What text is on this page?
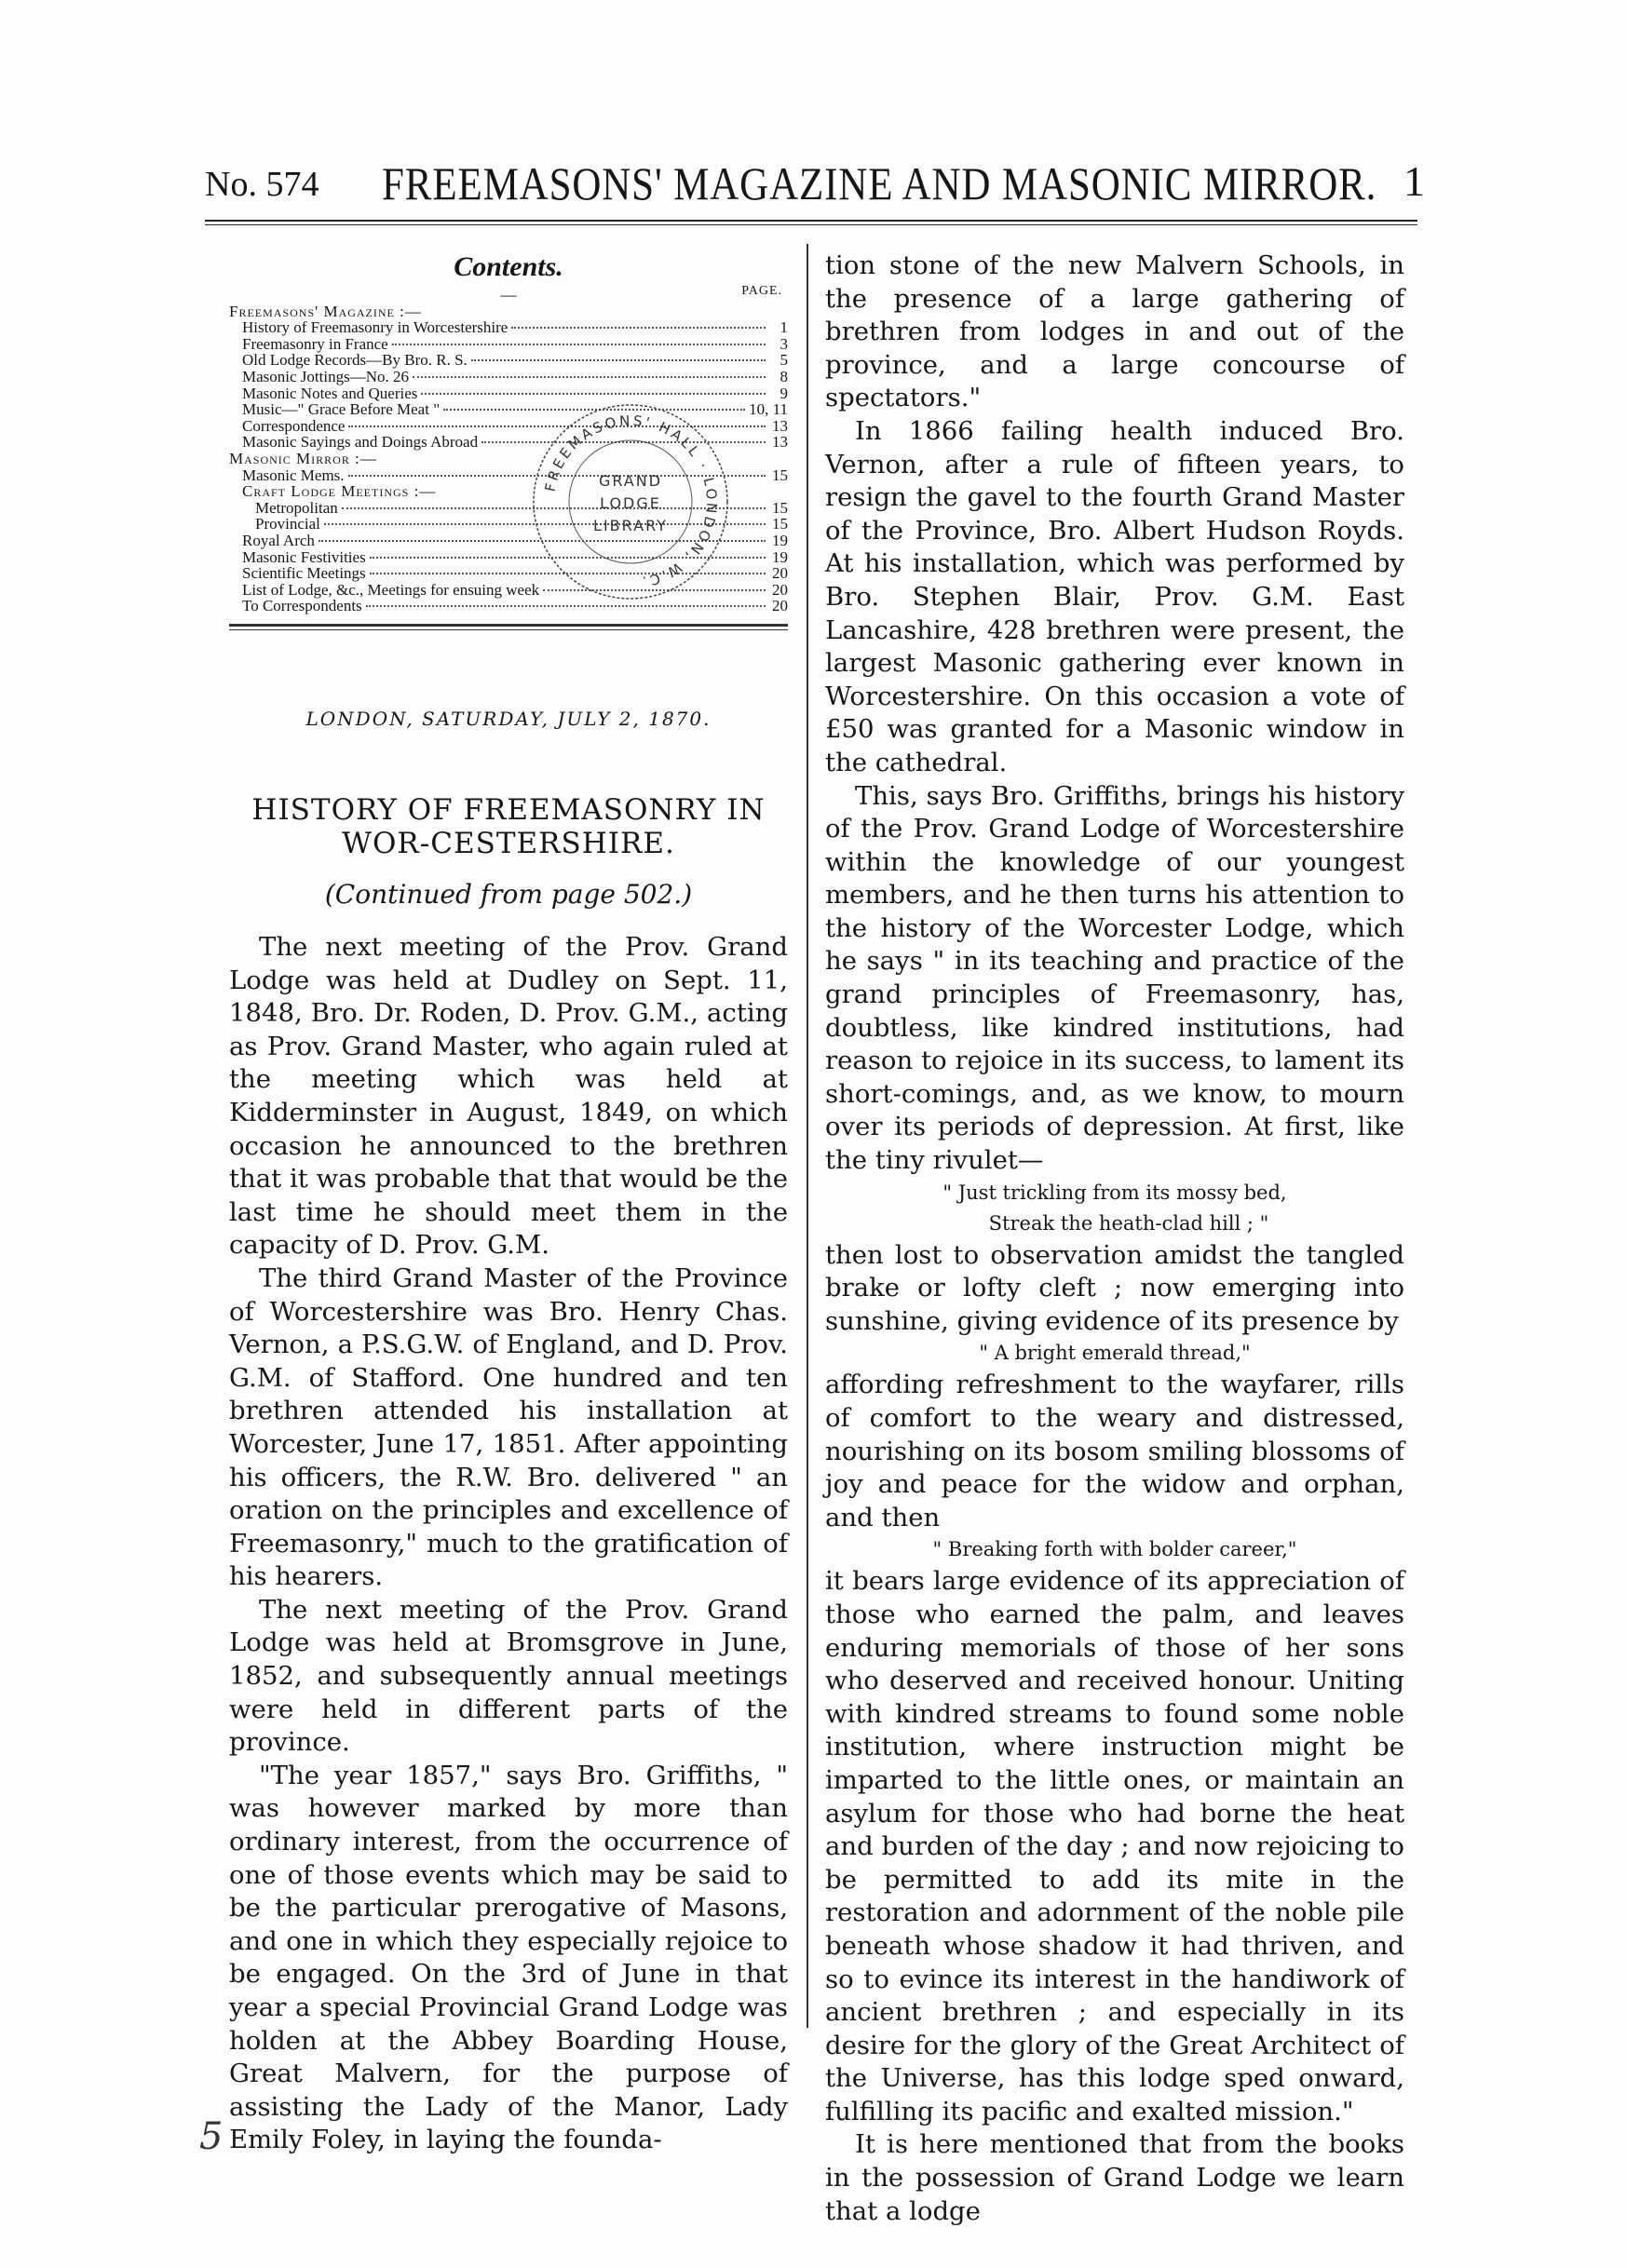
No. 574 FREEMASONS' MAGAZINE AND MASONIC MIRROR. 1
Contents.
—	PAGE.
Freemasons' Magazine :—
History of Freemasonry in Worcestershire	1
Freemasonry in France	3
Old Lodge Records—By Bro. R. S.	5
Masonic Jottings—No. 26	8
Masonic Notes and Queries	9
Music—" Grace Before Meat "	10, 11
Correspondence	13
Masonic Sayings and Doings Abroad	13
Masonic Mirror :—
Masonic Mems.	15
Craft Lodge Meetings :—
Metropolitan	15
Provincial	15
Royal Arch	19
Masonic Festivities	19
Scientific Meetings	20
List of Lodge, &c., Meetings for ensuing week	20
To Correspondents	20
FREEMASONS' HALL · LONDON, W.C.
GRAND
LODGE
LIBRARY
LONDON, SATURDAY, JULY 2, 1870.
HISTORY OF FREEMASONRY IN WOR-CESTERSHIRE.
(Continued from page 502.)

The next meeting of the Prov. Grand Lodge was held at Dudley on Sept. 11, 1848, Bro. Dr. Roden, D. Prov. G.M., acting as Prov. Grand Master, who again ruled at the meeting which was held at Kidderminster in August, 1849, on which occasion he announced to the brethren that it was probable that that would be the last time he should meet them in the capacity of D. Prov. G.M.

The third Grand Master of the Province of Worcestershire was Bro. Henry Chas. Vernon, a P.S.G.W. of England, and D. Prov. G.M. of Stafford. One hundred and ten brethren attended his installation at Worcester, June 17, 1851. After appointing his officers, the R.W. Bro. delivered " an oration on the principles and excellence of Freemasonry," much to the gratification of his hearers.

The next meeting of the Prov. Grand Lodge was held at Bromsgrove in June, 1852, and subsequently annual meetings were held in different parts of the province.

"The year 1857," says Bro. Griffiths, " was however marked by more than ordinary interest, from the occurrence of one of those events which may be said to be the particular prerogative of Masons, and one in which they especially rejoice to be engaged. On the 3rd of June in that year a special Provincial Grand Lodge was holden at the Abbey Boarding House, Great Malvern, for the purpose of assisting the Lady of the Manor, Lady Emily Foley, in laying the founda-

tion stone of the new Malvern Schools, in the presence of a large gathering of brethren from lodges in and out of the province, and a large concourse of spectators."

In 1866 failing health induced Bro. Vernon, after a rule of fifteen years, to resign the gavel to the fourth Grand Master of the Province, Bro. Albert Hudson Royds. At his installation, which was performed by Bro. Stephen Blair, Prov. G.M. East Lancashire, 428 brethren were present, the largest Masonic gathering ever known in Worcestershire. On this occasion a vote of £50 was granted for a Masonic window in the cathedral.

This, says Bro. Griffiths, brings his history of the Prov. Grand Lodge of Worcestershire within the knowledge of our youngest members, and he then turns his attention to the history of the Worcester Lodge, which he says " in its teaching and practice of the grand principles of Freemasonry, has, doubtless, like kindred institutions, had reason to rejoice in its success, to lament its short-comings, and, as we know, to mourn over its periods of depression. At first, like the tiny rivulet—

" Just trickling from its mossy bed,
Streak the heath-clad hill ; "

then lost to observation amidst the tangled brake or lofty cleft ; now emerging into sunshine, giving evidence of its presence by

" A bright emerald thread,"

affording refreshment to the wayfarer, rills of comfort to the weary and distressed, nourishing on its bosom smiling blossoms of joy and peace for the widow and orphan, and then

" Breaking forth with bolder career,"

it bears large evidence of its appreciation of those who earned the palm, and leaves enduring memorials of those of her sons who deserved and received honour. Uniting with kindred streams to found some noble institution, where instruction might be imparted to the little ones, or maintain an asylum for those who had borne the heat and burden of the day ; and now rejoicing to be permitted to add its mite in the restoration and adornment of the noble pile beneath whose shadow it had thriven, and so to evince its interest in the handiwork of ancient brethren ; and especially in its desire for the glory of the Great Architect of the Universe, has this lodge sped onward, fulfilling its pacific and exalted mission."

It is here mentioned that from the books in the possession of Grand Lodge we learn that a lodge

5
